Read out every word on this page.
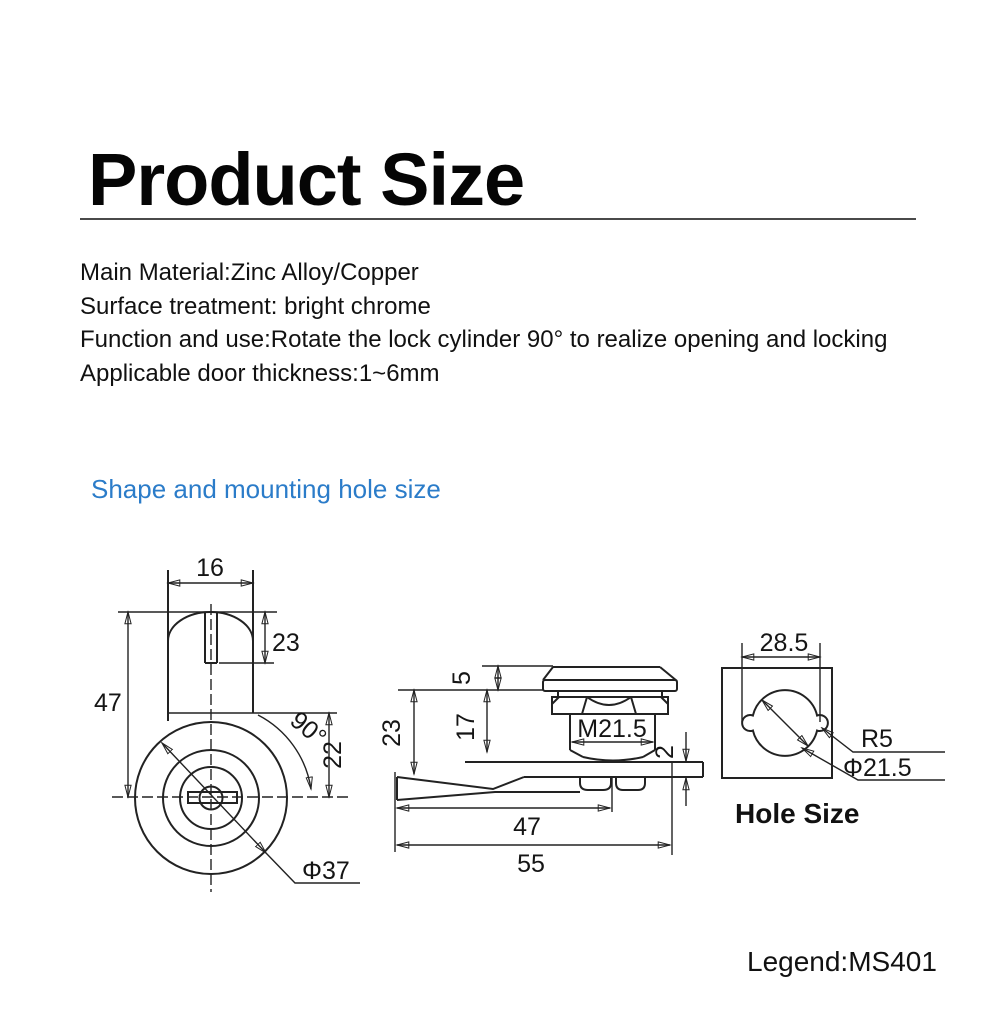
Product Size

Main Material:Zinc Alloy/Copper

Surface treatment: bright chrome

Function and use:Rotate the lock cylinder 90° to realize opening and locking

Applicable door thickness:1~6mm

Shape and mounting hole size
16
23
47
90°
22
Φ37
5
17
23	M21.5
2
47
55
28.5
R5
Φ21.5
Hole Size
Legend:MS401
